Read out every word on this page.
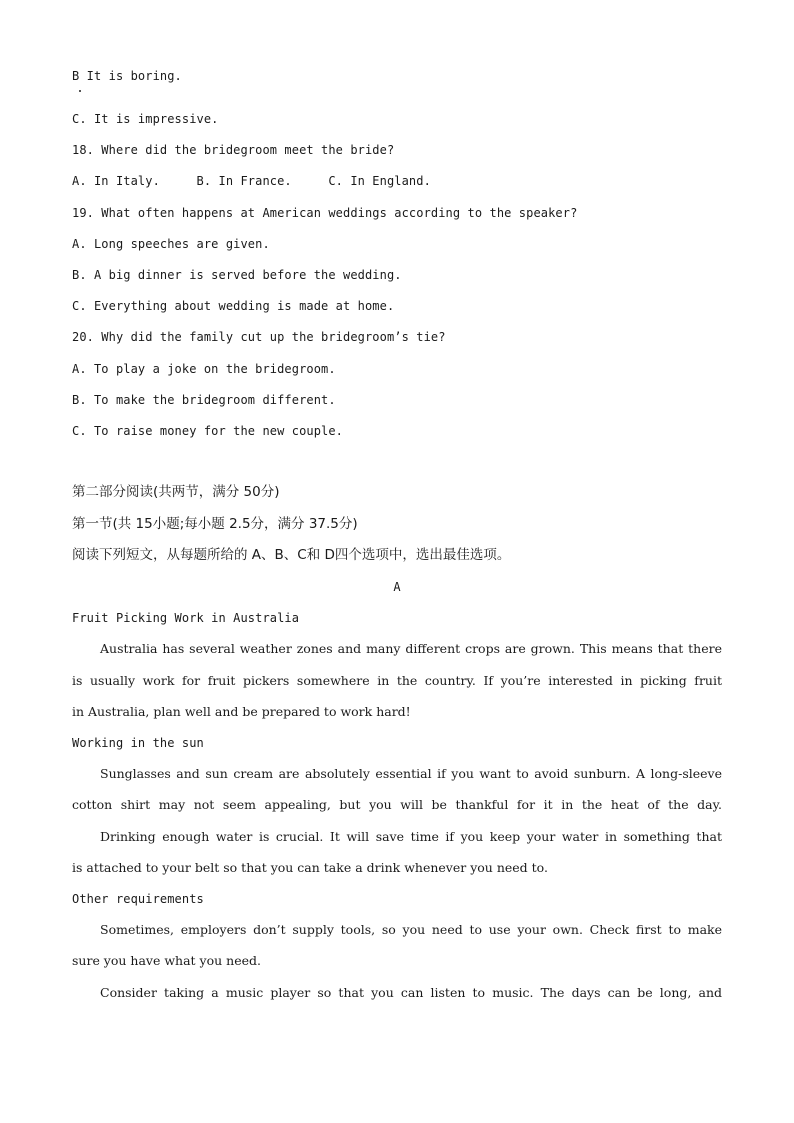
B It is boring.
C. It is impressive.
18. Where did the bridegroom meet the bride?
A. In Italy.     B. In France.     C. In England.
19. What often happens at American weddings according to the speaker?
A. Long speeches are given.
B. A big dinner is served before the wedding.
C. Everything about wedding is made at home.
20. Why did the family cut up the bridegroom’s tie?
A. To play a joke on the bridegroom.
B. To make the bridegroom different.
C. To raise money for the new couple.
第二部分阅读(共两节，满分 50分)
第一节(共 15小题;每小题 2.5分，满分 37.5分)
阅读下列短文，从每题所给的 A、B、C和 D四个选项中，选出最佳选项。
A
Fruit Picking Work in Australia
Australia has several weather zones and many different crops are grown. This means that there
is usually work for fruit pickers somewhere in the country. If you’re interested in picking fruit
in Australia, plan well and be prepared to work hard!
Working in the sun
Sunglasses and sun cream are absolutely essential if you want to avoid sunburn. A long-sleeve
cotton shirt may not seem appealing, but you will be thankful for it in the heat of the day.
Drinking enough water is crucial. It will save time if you keep your water in something that
is attached to your belt so that you can take a drink whenever you need to.
Other requirements
Sometimes, employers don’t supply tools, so you need to use your own. Check first to make
sure you have what you need.
Consider taking a music player so that you can listen to music. The days can be long, and
